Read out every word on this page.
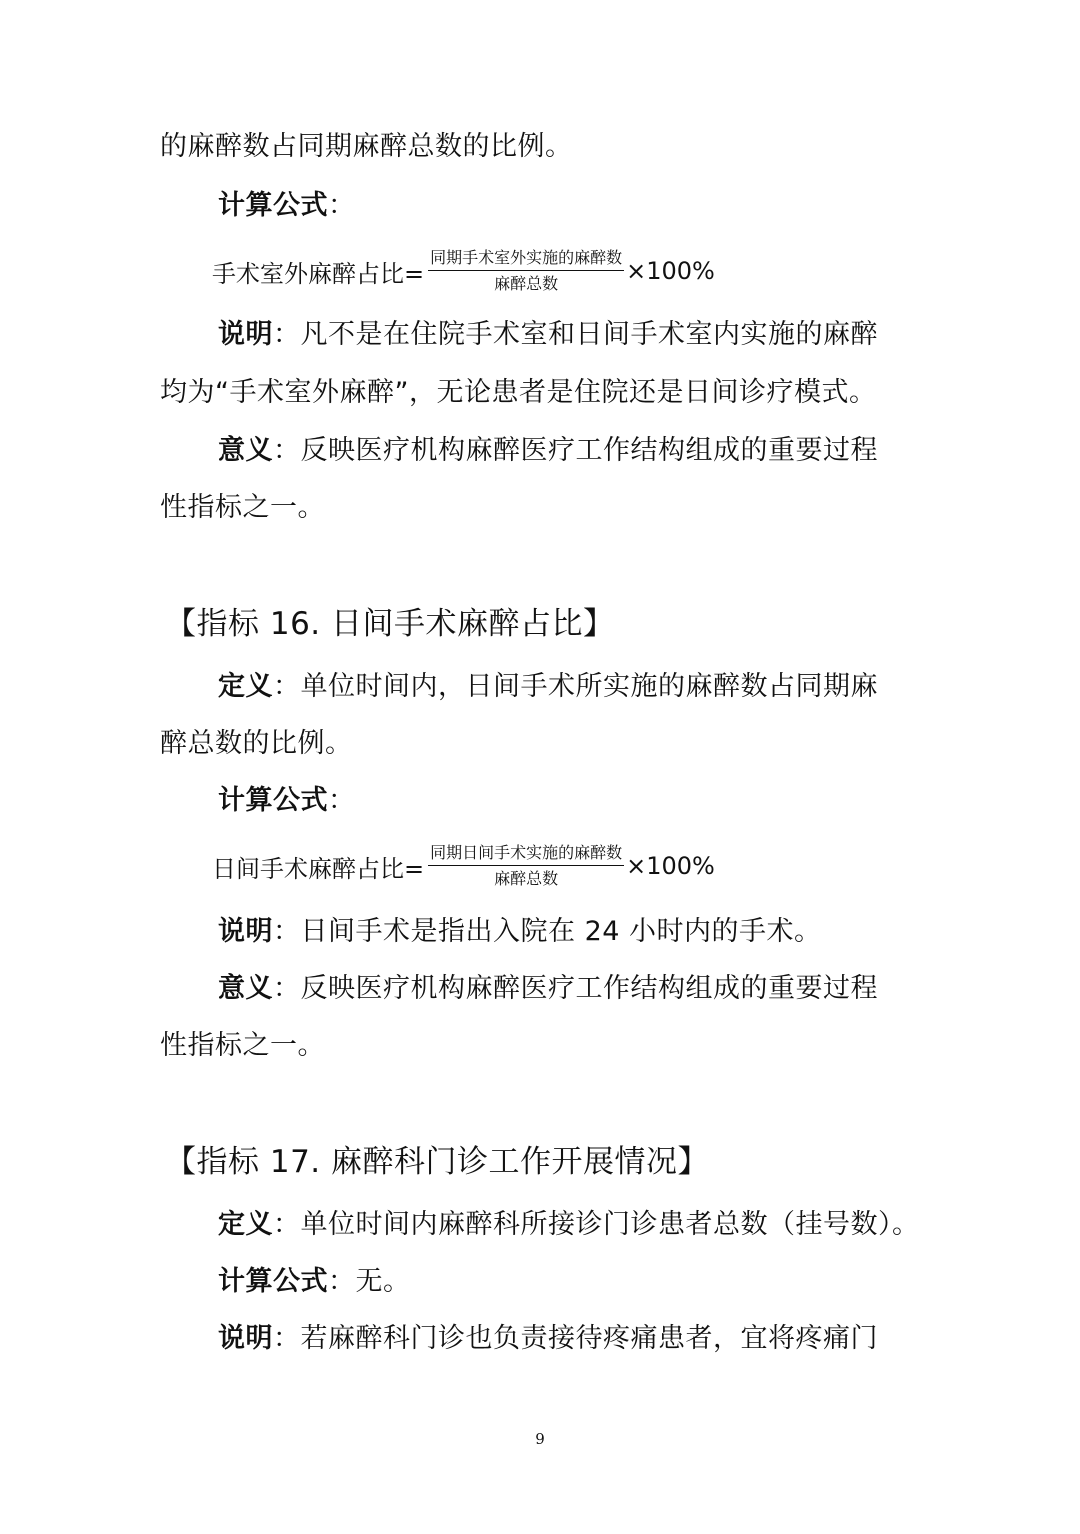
的麻醉数占同期麻醉总数的比例。
计算公式：
手术室外麻醉占比= $\frac{\text{同期手术室外实施的麻醉数}}{\text{麻醉总数}} \times 100\%$
说明：凡不是在住院手术室和日间手术室内实施的麻醉
均为“手术室外麻醉”，无论患者是住院还是日间诊疗模式。
意义：反映医疗机构麻醉医疗工作结构组成的重要过程
性指标之一。
【指标 16. 日间手术麻醉占比】
定义：单位时间内，日间手术所实施的麻醉数占同期麻
醉总数的比例。
计算公式：
日间手术麻醉占比= $\frac{\text{同期日间手术实施的麻醉数}}{\text{麻醉总数}} \times 100\%$
说明：日间手术是指出入院在 24 小时内的手术。
意义：反映医疗机构麻醉医疗工作结构组成的重要过程
性指标之一。
【指标 17. 麻醉科门诊工作开展情况】
定义：单位时间内麻醉科所接诊门诊患者总数（挂号数）。
计算公式：无。
说明：若麻醉科门诊也负责接待疼痛患者，宜将疼痛门
9
